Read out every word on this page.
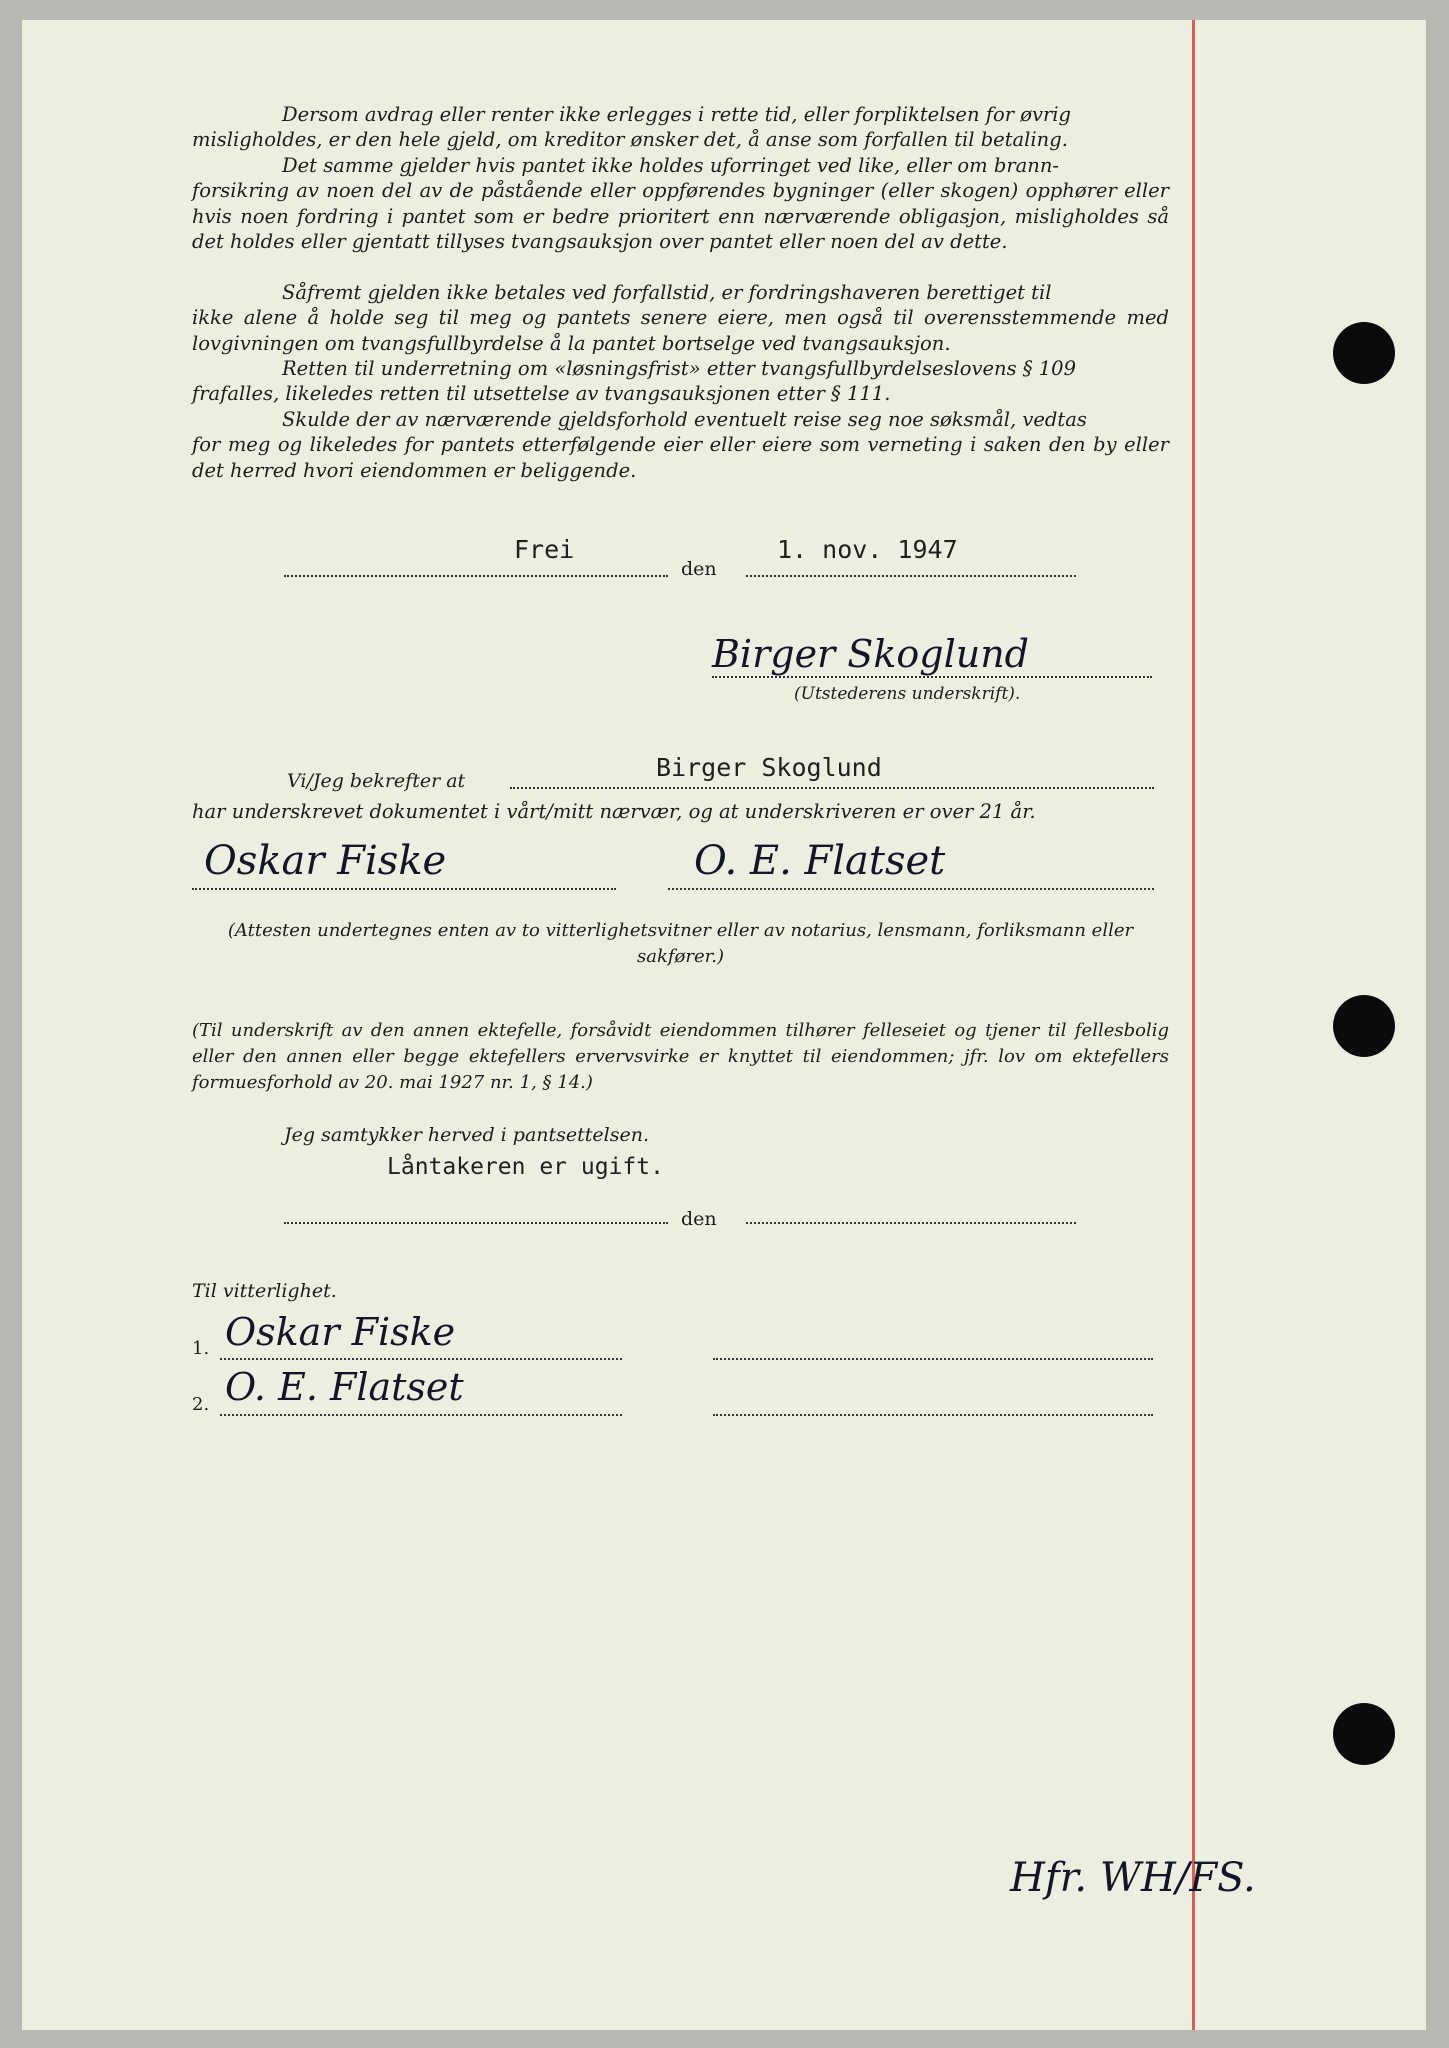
Dersom avdrag eller renter ikke erlegges i rette tid, eller forpliktelsen for øvrig

misligholdes, er den hele gjeld, om kreditor ønsker det, å anse som forfallen til betaling.

Det samme gjelder hvis pantet ikke holdes uforringet ved like, eller om brann-

forsikring av noen del av de påstående eller oppførendes bygninger (eller skogen) opphører eller hvis noen fordring i pantet som er bedre prioritert enn nærværende obligasjon, misligholdes så det holdes eller gjentatt tillyses tvangsauksjon over pantet eller noen del av dette.

Såfremt gjelden ikke betales ved forfallstid, er fordringshaveren berettiget til

ikke alene å holde seg til meg og pantets senere eiere, men også til overensstemmende med lovgivningen om tvangsfullbyrdelse å la pantet bortselge ved tvangsauksjon.

Retten til underretning om «løsningsfrist» etter tvangsfullbyrdelseslovens § 109

frafalles, likeledes retten til utsettelse av tvangsauksjonen etter § 111.

Skulde der av nærværende gjeldsforhold eventuelt reise seg noe søksmål, vedtas

for meg og likeledes for pantets etterfølgende eier eller eiere som verneting i saken den by eller det herred hvori eiendommen er beliggende.

Frei
den
1. nov. 1947
Birger Skoglund
(Utstederens underskrift).
Vi/Jeg bekrefter at	Birger Skoglund
har underskrevet dokumentet i vårt/mitt nærvær, og at underskriveren er over 21 år.
Oskar Fiske	O. E. Flatset

(Attesten undertegnes enten av to vitterlighetsvitner eller av notarius, lensmann, forliksmann eller sakfører.)

(Til underskrift av den annen ektefelle, forsåvidt eiendommen tilhører felleseiet og tjener til fellesbolig eller den annen eller begge ektefellers ervervsvirke er knyttet til eiendommen; jfr. lov om ektefellers formuesforhold av 20. mai 1927 nr. 1, § 14.)

Jeg samtykker herved i pantsettelsen.
Låntakeren er ugift.
den
Til vitterlighet.
1. Oskar Fiske
2. O. E. Flatset
Hfr. WH/FS.
